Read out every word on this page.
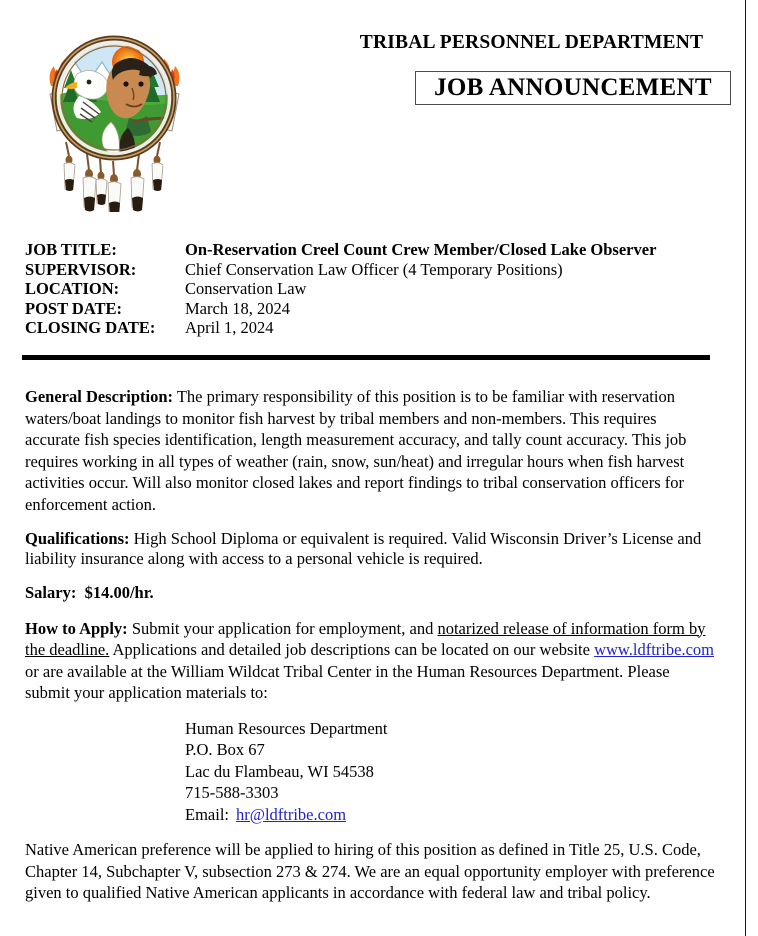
TRIBAL PERSONNEL DEPARTMENT
JOB ANNOUNCEMENT
JOB TITLE:	On-Reservation Creel Count Crew Member/Closed Lake Observer
SUPERVISOR:	Chief Conservation Law Officer (4 Temporary Positions)
LOCATION:	Conservation Law
POST DATE:	March 18, 2024
CLOSING DATE: April 1, 2024

General Description: The primary responsibility of this position is to be familiar with reservation waters/boat landings to monitor fish harvest by tribal members and non-members. This requires accurate fish species identification, length measurement accuracy, and tally count accuracy. This job requires working in all types of weather (rain, snow, sun/heat) and irregular hours when fish harvest activities occur. Will also monitor closed lakes and report findings to tribal conservation officers for enforcement action.

Qualifications: High School Diploma or equivalent is required. Valid Wisconsin Driver’s License and liability insurance along with access to a personal vehicle is required.

Salary: $14.00/hr.

How to Apply: Submit your application for employment, and notarized release of information form by the deadline. Applications and detailed job descriptions can be located on our website www.ldftribe.com or are available at the William Wildcat Tribal Center in the Human Resources Department. Please submit your application materials to:

Human Resources Department
P.O. Box 67
Lac du Flambeau, WI 54538
715-588-3303
Email: hr@ldftribe.com

Native American preference will be applied to hiring of this position as defined in Title 25, U.S. Code, Chapter 14, Subchapter V, subsection 273 & 274. We are an equal opportunity employer with preference given to qualified Native American applicants in accordance with federal law and tribal policy.
